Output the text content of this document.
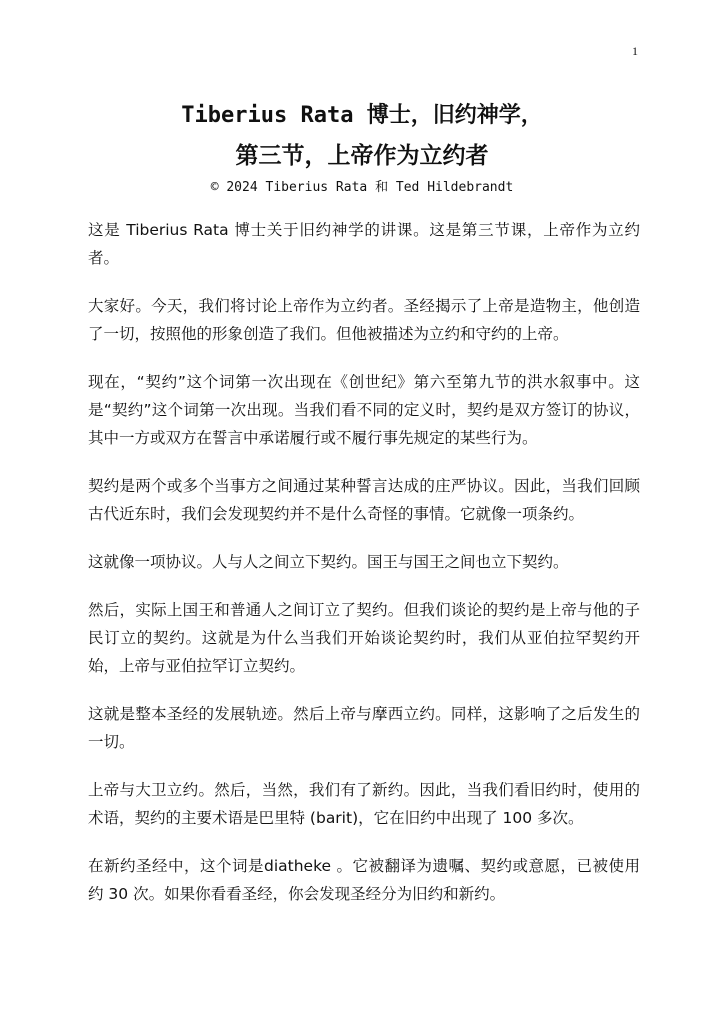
1
Tiberius Rata 博士，旧约神学，
第三节，上帝作为立约者
© 2024 Tiberius Rata 和 Ted Hildebrandt

这是 Tiberius Rata 博士关于旧约神学的讲课。这是第三节课，上帝作为立约者。

大家好。今天，我们将讨论上帝作为立约者。圣经揭示了上帝是造物主，他创造了一切，按照他的形象创造了我们。但他被描述为立约和守约的上帝。

现在，“契约”这个词第一次出现在《创世纪》第六至第九节的洪水叙事中。这是“契约”这个词第一次出现。当我们看不同的定义时，契约是双方签订的协议，其中一方或双方在誓言中承诺履行或不履行事先规定的某些行为。

契约是两个或多个当事方之间通过某种誓言达成的庄严协议。因此，当我们回顾古代近东时，我们会发现契约并不是什么奇怪的事情。它就像一项条约。

这就像一项协议。人与人之间立下契约。国王与国王之间也立下契约。

然后，实际上国王和普通人之间订立了契约。但我们谈论的契约是上帝与他的子民订立的契约。这就是为什么当我们开始谈论契约时，我们从亚伯拉罕契约开始，上帝与亚伯拉罕订立契约。

这就是整本圣经的发展轨迹。然后上帝与摩西立约。同样，这影响了之后发生的一切。

上帝与大卫立约。然后，当然，我们有了新约。因此，当我们看旧约时，使用的术语，契约的主要术语是巴里特 (barit)，它在旧约中出现了 100 多次。

在新约圣经中，这个词是diatheke 。它被翻译为遗嘱、契约或意愿，已被使用约 30 次。如果你看看圣经，你会发现圣经分为旧约和新约。
